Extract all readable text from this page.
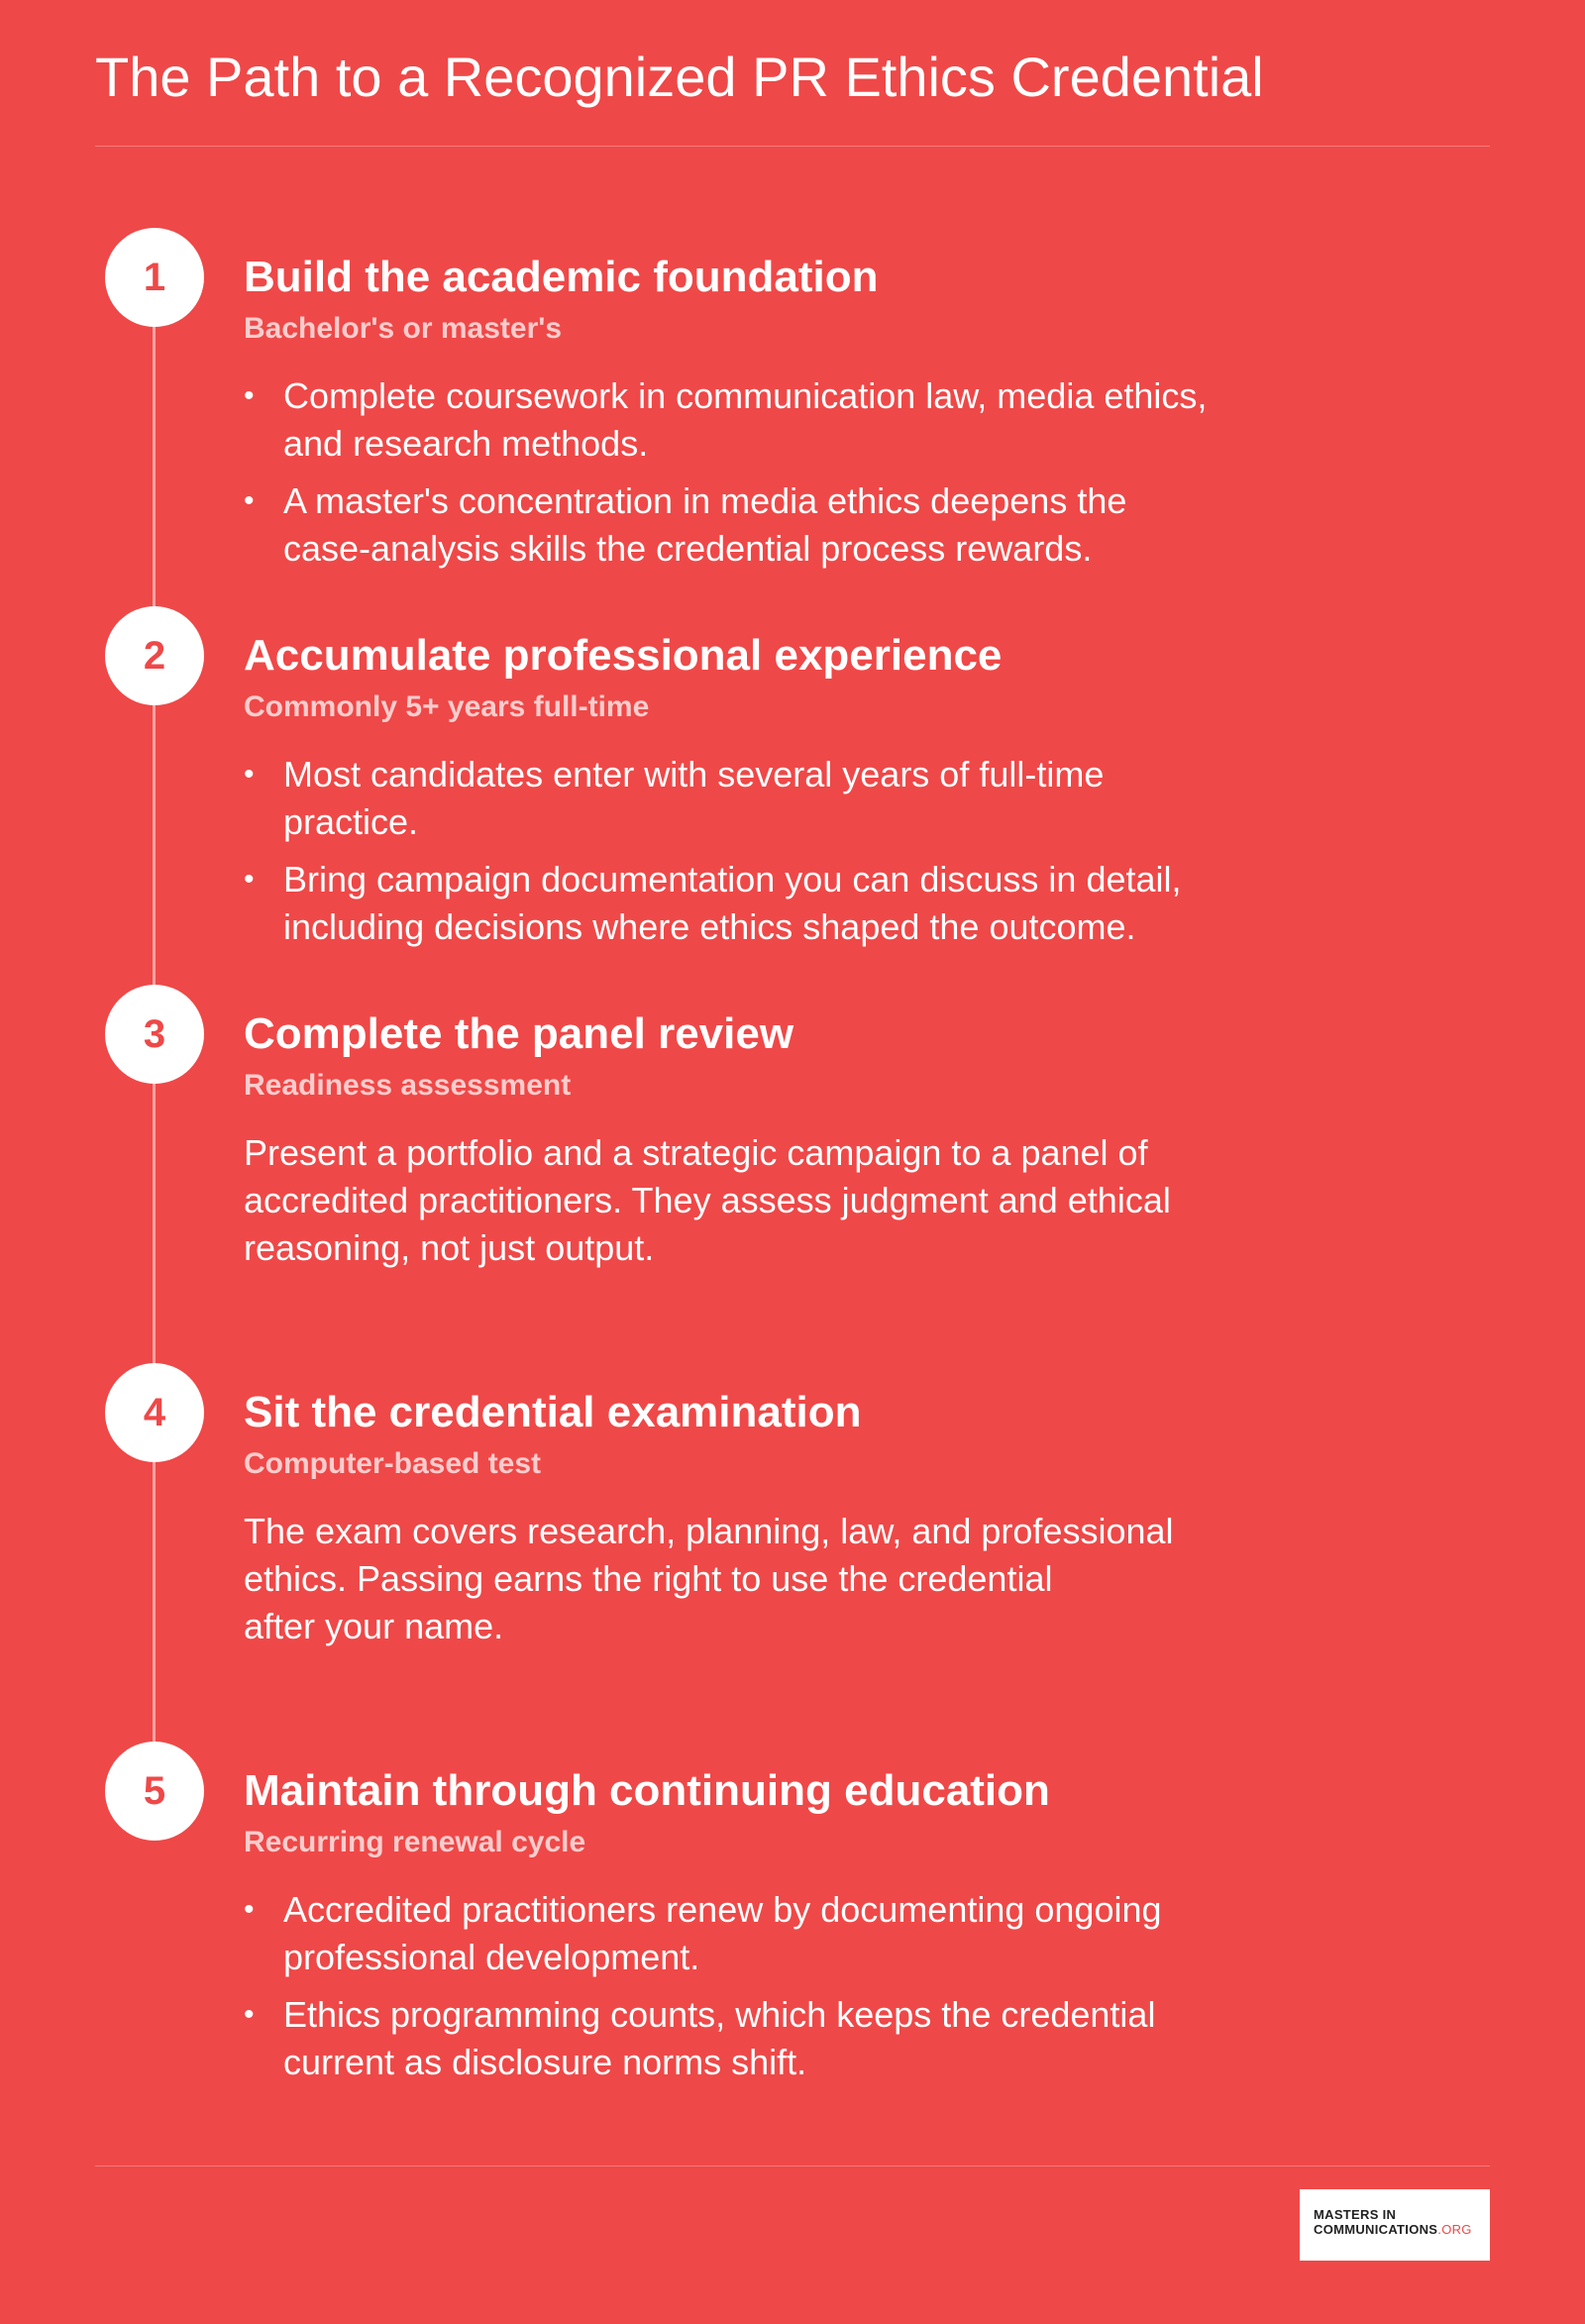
The Path to a Recognized PR Ethics Credential
1	Build the academic foundation

Bachelor's or master's

• Complete coursework in communication law, media ethics,
and research methods.
• A master's concentration in media ethics deepens the
case-analysis skills the credential process rewards.
2	Accumulate professional experience

Commonly 5+ years full-time

• Most candidates enter with several years of full-time
practice.
• Bring campaign documentation you can discuss in detail,
including decisions where ethics shaped the outcome.
3	Complete the panel review

Readiness assessment

Present a portfolio and a strategic campaign to a panel of
accredited practitioners. They assess judgment and ethical
reasoning, not just output.

4	Sit the credential examination

Computer-based test

The exam covers research, planning, law, and professional
ethics. Passing earns the right to use the credential
after your name.

5	Maintain through continuing education

Recurring renewal cycle

• Accredited practitioners renew by documenting ongoing
professional development.
• Ethics programming counts, which keeps the credential
current as disclosure norms shift.
MASTERS IN
COMMUNICATIONS.ORG
